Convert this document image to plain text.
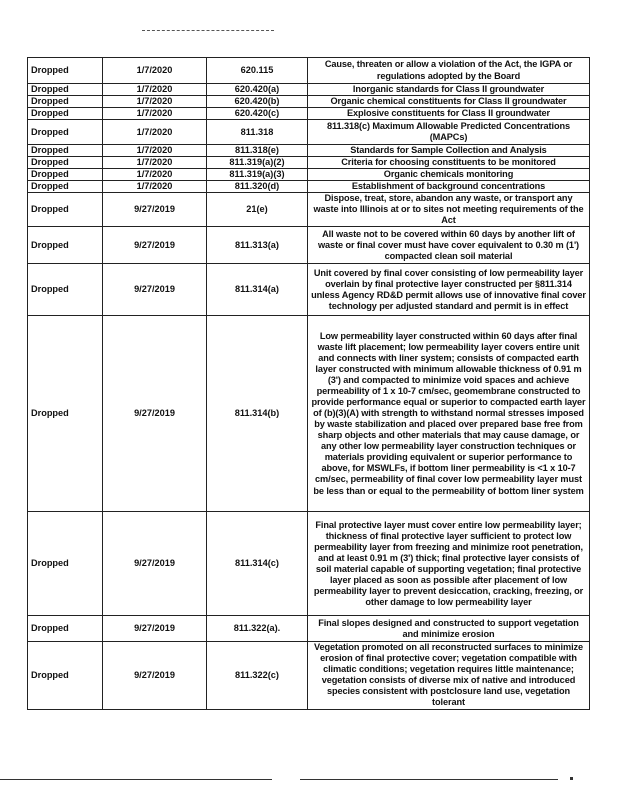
Dropped	1/7/2020	620.115	Cause, threaten or allow a violation of the Act, the IGPA or regulations adopted by the Board
Dropped	1/7/2020	620.420(a)	Inorganic standards for Class II groundwater
Dropped	1/7/2020	620.420(b)	Organic chemical constituents for Class II groundwater
Dropped	1/7/2020	620.420(c)	Explosive constituents for Class II groundwater
Dropped	1/7/2020	811.318	811.318(c) Maximum Allowable Predicted Concentrations (MAPCs)
Dropped	1/7/2020	811.318(e)	Standards for Sample Collection and Analysis
Dropped	1/7/2020	811.319(a)(2)	Criteria for choosing constituents to be monitored
Dropped	1/7/2020	811.319(a)(3)	Organic chemicals monitoring
Dropped	1/7/2020	811.320(d)	Establishment of background concentrations
Dropped	9/27/2019	21(e)	Dispose, treat, store, abandon any waste, or transport any waste into Illinois at or to sites not meeting requirements of the Act
Dropped	9/27/2019	811.313(a)	All waste not to be covered within 60 days by another lift of waste or final cover must have cover equivalent to 0.30 m (1') compacted clean soil material
Dropped	9/27/2019	811.314(a)	Unit covered by final cover consisting of low permeability layer overlain by final protective layer constructed per §811.314 unless Agency RD&D permit allows use of innovative final cover technology per adjusted standard and permit is in effect
Dropped	9/27/2019	811.314(b)	Low permeability layer constructed within 60 days after final waste lift placement; low permeability layer covers entire unit and connects with liner system; consists of compacted earth layer constructed with minimum allowable thickness of 0.91 m (3') and compacted to minimize void spaces and achieve permeability of 1 x 10-7 cm/sec, geomembrane constructed to provide performance equal or superior to compacted earth layer of (b)(3)(A) with strength to withstand normal stresses imposed by waste stabilization and placed over prepared base free from sharp objects and other materials that may cause damage, or any other low permeability layer construction techniques or materials providing equivalent or superior performance to above, for MSWLFs, if bottom liner permeability is <1 x 10-7 cm/sec, permeability of final cover low permeability layer must be less than or equal to the permeability of bottom liner system
Dropped	9/27/2019	811.314(c)	Final protective layer must cover entire low permeability layer; thickness of final protective layer sufficient to protect low permeability layer from freezing and minimize root penetration, and at least 0.91 m (3') thick; final protective layer consists of soil material capable of supporting vegetation; final protective layer placed as soon as possible after placement of low permeability layer to prevent desiccation, cracking, freezing, or other damage to low permeability layer
Dropped	9/27/2019	811.322(a).	Final slopes designed and constructed to support vegetation and minimize erosion
Dropped	9/27/2019	811.322(c)	Vegetation promoted on all reconstructed surfaces to minimize erosion of final protective cover; vegetation compatible with climatic conditions; vegetation requires little maintenance; vegetation consists of diverse mix of native and introduced species consistent with postclosure land use, vegetation tolerant
